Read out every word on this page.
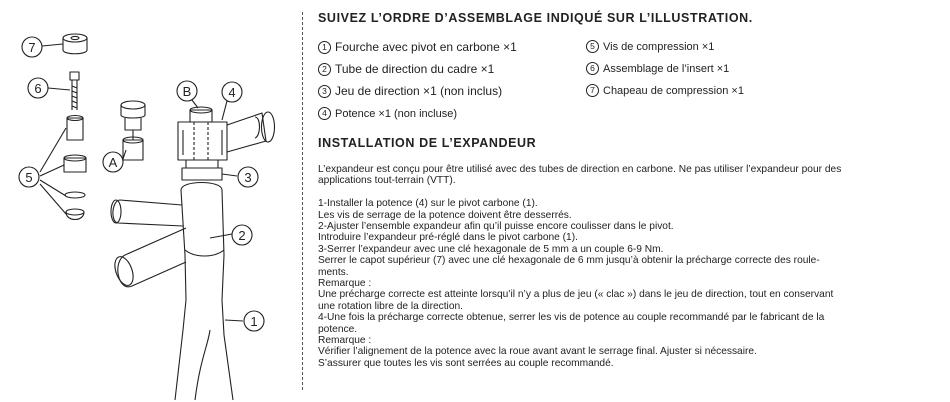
7
6
5
A
B	4
3
2
1
SUIVEZ L’ORDRE D’ASSEMBLAGE INDIQUÉ SUR L’ILLUSTRATION.
1 Fourche avec pivot en carbone ×1
2 Tube de direction du cadre ×1
3 Jeu de direction ×1 (non inclus)
4 Potence ×1 (non incluse)
5 Vis de compression ×1
6 Assemblage de l’insert ×1
7 Chapeau de compression ×1
INSTALLATION DE L’EXPANDEUR

L’expandeur est conçu pour être utilisé avec des tubes de direction en carbone. Ne pas utiliser l’expandeur pour des

applications tout-terrain (VTT).

1-Installer la potence (4) sur le pivot carbone (1).

Les vis de serrage de la potence doivent être desserrés.

2-Ajuster l’ensemble expandeur afin qu’il puisse encore coulisser dans le pivot.

Introduire l’expandeur pré-réglé dans le pivot carbone (1).

3-Serrer l’expandeur avec une clé hexagonale de 5 mm a un couple 6-9 Nm.

Serrer le capot supérieur (7) avec une clé hexagonale de 6 mm jusqu’à obtenir la précharge correcte des roule-

ments.

Remarque :

Une précharge correcte est atteinte lorsqu’il n’y a plus de jeu (« clac ») dans le jeu de direction, tout en conservant

une rotation libre de la direction.

4-Une fois la précharge correcte obtenue, serrer les vis de potence au couple recommandé par le fabricant de la

potence.

Remarque :

Vérifier l’alignement de la potence avec la roue avant avant le serrage final. Ajuster si nécessaire.

S’assurer que toutes les vis sont serrées au couple recommandé.
